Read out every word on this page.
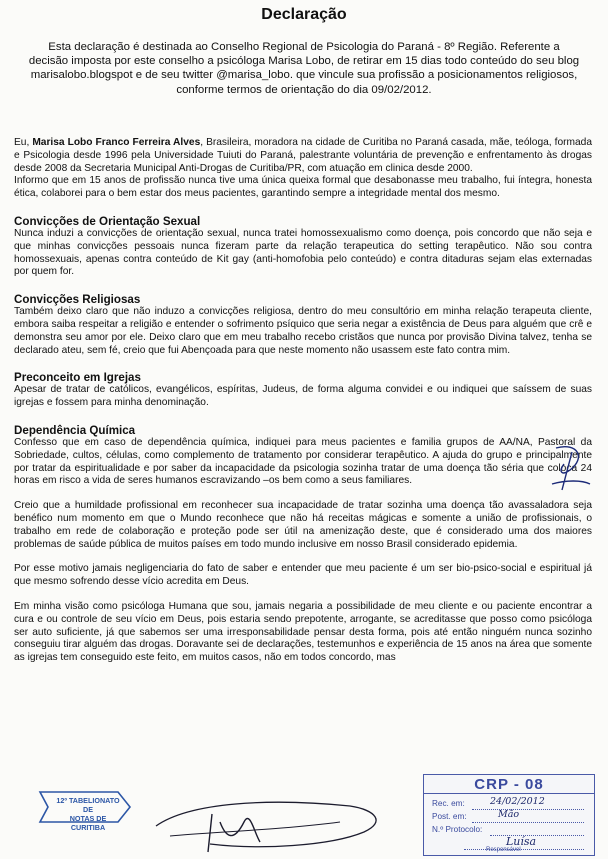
Declaração
Esta declaração é destinada ao Conselho Regional de Psicologia do Paraná - 8º Região. Referente a decisão imposta por este conselho a psicóloga Marisa Lobo, de retirar em 15 dias todo conteúdo do seu blog marisalobo.blogspot e de seu twitter @marisa_lobo. que vincule sua profissão a posicionamentos religiosos, conforme termos de orientação do dia 09/02/2012.

Eu, Marisa Lobo Franco Ferreira Alves, Brasileira, moradora na cidade de Curitiba no Paraná casada, mãe, teóloga, formada e Psicologia desde 1996 pela Universidade Tuiuti do Paraná, palestrante voluntária de prevenção e enfrentamento às drogas desde 2008 da Secretaria Municipal Anti-Drogas de Curitiba/PR, com atuação em clinica desde 2000.

Informo que em 15 anos de profissão nunca tive uma única queixa formal que desabonasse meu trabalho, fui íntegra, honesta ética, colaborei para o bem estar dos meus pacientes, garantindo sempre a integridade mental dos mesmo.

Convicções de Orientação Sexual

Nunca induzi a convicções de orientação sexual, nunca tratei homossexualismo como doença, pois concordo que não seja e que minhas convicções pessoais nunca fizeram parte da relação terapeutica do setting terapêutico. Não sou contra homossexuais, apenas contra conteúdo de Kit gay (anti-homofobia pelo conteúdo) e contra ditaduras sejam elas externadas por quem for.

Convicções Religiosas

Também deixo claro que não induzo a convicções religiosa, dentro do meu consultório em minha relação terapeuta cliente, embora saiba respeitar a religião e entender o sofrimento psíquico que seria negar a existência de Deus para alguém que crê e demonstra seu amor por ele. Deixo claro que em meu trabalho recebo cristãos que nunca por provisão Divina talvez, tenha se declarado ateu, sem fé, creio que fui Abençoada para que neste momento não usassem este fato contra mim.

Preconceito em Igrejas

Apesar de tratar de católicos, evangélicos, espíritas, Judeus, de forma alguma convidei e ou indiquei que saíssem de suas igrejas e fossem para minha denominação.

Dependência Química

Confesso que em caso de dependência química, indiquei para meus pacientes e familia grupos de AA/NA, Pastoral da Sobriedade, cultos, células, como complemento de tratamento por considerar terapêutico. A ajuda do grupo e principalmente por tratar da espiritualidade e por saber da incapacidade da psicologia sozinha tratar de uma doença tão séria que coloca 24 horas em risco a vida de seres humanos escravizando –os bem como a seus familiares.

Creio que a humildade profissional em reconhecer sua incapacidade de tratar sozinha uma doença tão avassaladora seja benéfico num momento em que o Mundo reconhece que não há receitas mágicas e somente a união de profissionais, o trabalho em rede de colaboração e proteção pode ser útil na amenização deste, que é considerado uma dos maiores problemas de saúde pública de muitos países em todo mundo inclusive em nosso Brasil considerado epidemia.

Por esse motivo jamais negligenciaria do fato de saber e entender que meu paciente é um ser bio-psico-social e espiritual já que mesmo sofrendo desse vício acredita em Deus.

Em minha visão como psicóloga Humana que sou, jamais negaria a possibilidade de meu cliente e ou paciente encontrar a cura e ou controle de seu vício em Deus, pois estaria sendo prepotente, arrogante, se acreditasse que posso como psicóloga ser auto suficiente, já que sabemos ser uma irresponsabilidade pensar desta forma, pois até então ninguém nunca sozinho conseguiu tirar alguém das drogas. Doravante sei de declarações, testemunhos e experiência de 15 anos na área que somente as igrejas tem conseguido este feito, em muitos casos, não em todos concordo, mas

12º TABELIONATO DE
NOTAS DE CURITIBA
CRP - 08
Rec. em:	24/02/2012
Post. em:	Mão
N.º Protocolo:
Luísa
Responsável
